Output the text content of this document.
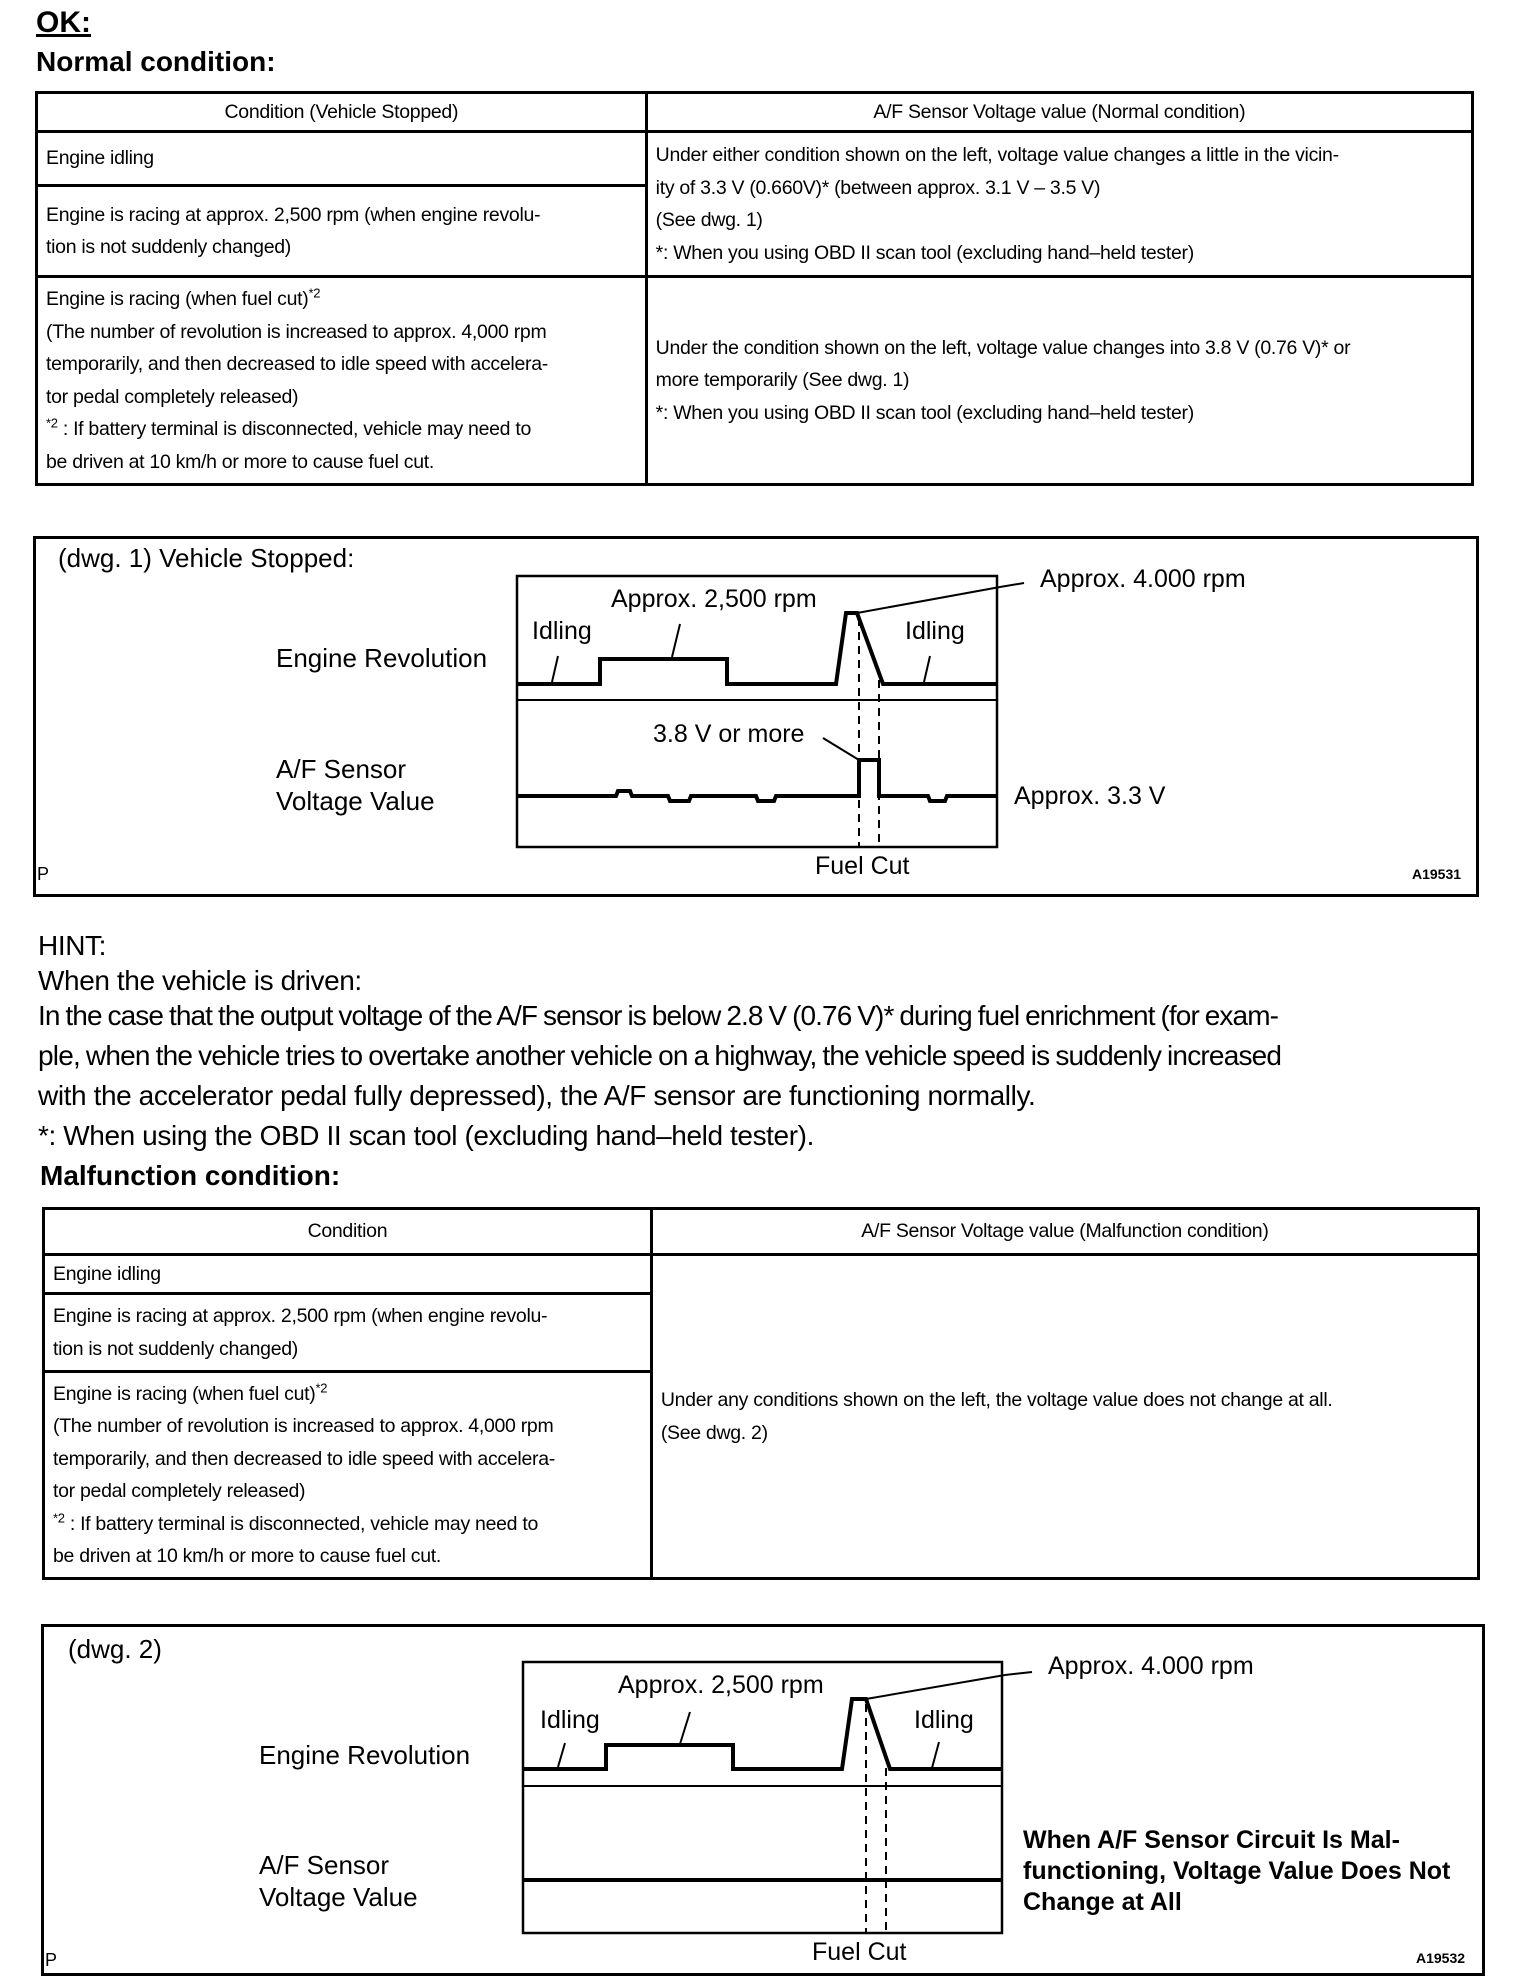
OK:
Normal condition:
Condition (Vehicle Stopped)	A/F Sensor Voltage value (Normal condition)

Engine idling	Under either condition shown on the left, voltage value changes a little in the vicin-
ity of 3.3 V (0.660V)* (between approx. 3.1 V – 3.5 V)
(See dwg. 1)
*: When you using OBD II scan tool (excluding hand–held tester)

Engine is racing at approx. 2,500 rpm (when engine revolu-
tion is not suddenly changed)	

Engine is racing (when fuel cut)$^{*2}$
(The number of revolution is increased to approx. 4,000 rpm
temporarily, and then decreased to idle speed with accelera-
tor pedal completely released)
$^{*2}$ : If battery terminal is disconnected, vehicle may need to
be driven at 10 km/h or more to cause fuel cut.

Under the condition shown on the left, voltage value changes into 3.8 V (0.76 V)* or
more temporarily (See dwg. 1)
*: When you using OBD II scan tool (excluding hand–held tester)
(dwg. 1) Vehicle Stopped:
Engine Revolution
A/F Sensor
Voltage Value
Idling
Approx. 2,500 rpm
Idling
Approx. 4.000 rpm
3.8 V or more
Approx. 3.3 V
Fuel Cut
P	A19531
HINT:
When the vehicle is driven:
In the case that the output voltage of the A/F sensor is below 2.8 V (0.76 V)* during fuel enrichment (for exam-
ple, when the vehicle tries to overtake another vehicle on a highway, the vehicle speed is suddenly increased
with the accelerator pedal fully depressed), the A/F sensor are functioning normally.
*: When using the OBD II scan tool (excluding hand–held tester).
Malfunction condition:
Condition	A/F Sensor Voltage value (Malfunction condition)

Engine idling	Under any conditions shown on the left, the voltage value does not change at all.
(See dwg. 2)

Engine is racing at approx. 2,500 rpm (when engine revolu-
tion is not suddenly changed)	

Engine is racing (when fuel cut)$^{*2}$
(The number of revolution is increased to approx. 4,000 rpm
temporarily, and then decreased to idle speed with accelera-
tor pedal completely released)
$^{*2}$ : If battery terminal is disconnected, vehicle may need to
be driven at 10 km/h or more to cause fuel cut.
(dwg. 2)
Engine Revolution
A/F Sensor
Voltage Value
Idling
Approx. 2,500 rpm
Idling
Approx. 4.000 rpm
When A/F Sensor Circuit Is Mal-
functioning, Voltage Value Does Not
Change at All
Fuel Cut
P	A19532
